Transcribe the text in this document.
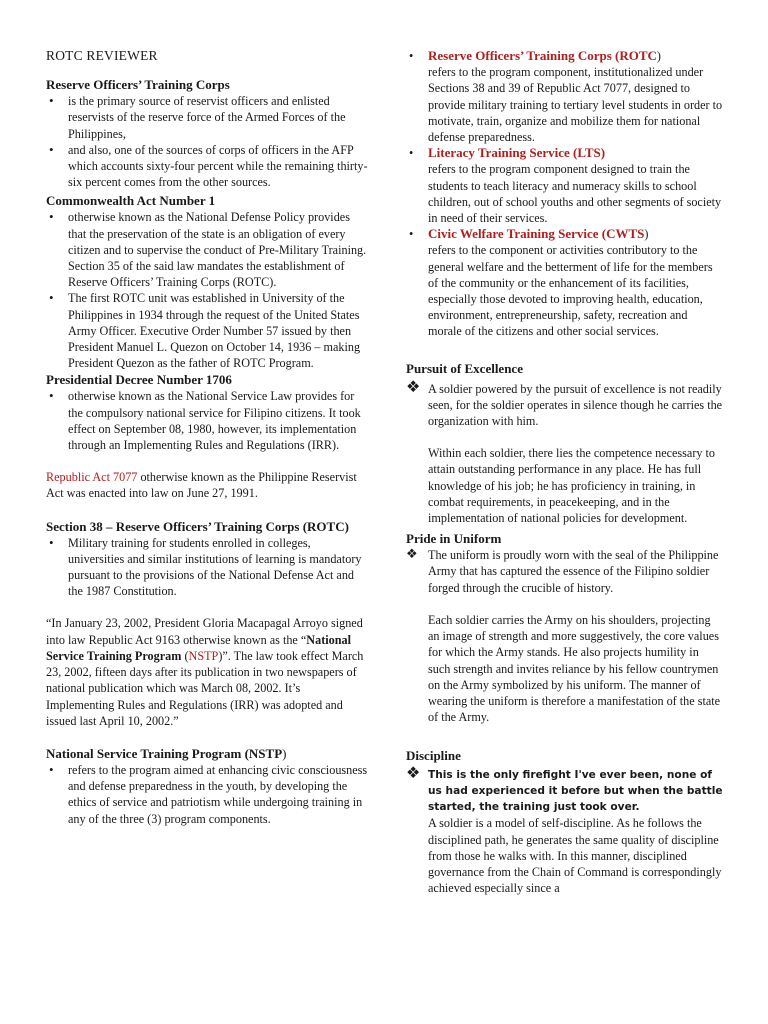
ROTC REVIEWER
Reserve Officers’ Training Corps
• is the primary source of reservist officers and enlisted reservists of the reserve force of the Armed Forces of the Philippines,
• and also, one of the sources of corps of officers in the AFP which accounts sixty-four percent while the remaining thirty-six percent comes from the other sources.
Commonwealth Act Number 1
• otherwise known as the National Defense Policy provides that the preservation of the state is an obligation of every citizen and to supervise the conduct of Pre-Military Training. Section 35 of the said law mandates the establishment of Reserve Officers’ Training Corps (ROTC).
• The first ROTC unit was established in University of the Philippines in 1934 through the request of the United States Army Officer. Executive Order Number 57 issued by then President Manuel L. Quezon on October 14, 1936 – making President Quezon as the father of ROTC Program.
Presidential Decree Number 1706
• otherwise known as the National Service Law provides for the compulsory national service for Filipino citizens. It took effect on September 08, 1980, however, its implementation through an Implementing Rules and Regulations (IRR).

Republic Act 7077 otherwise known as the Philippine Reservist Act was enacted into law on June 27, 1991.

Section 38 – Reserve Officers’ Training Corps (ROTC)
• Military training for students enrolled in colleges, universities and similar institutions of learning is mandatory pursuant to the provisions of the National Defense Act and the 1987 Constitution.

“In January 23, 2002, President Gloria Macapagal Arroyo signed into law Republic Act 9163 otherwise known as the “National Service Training Program (NSTP)”. The law took effect March 23, 2002, fifteen days after its publication in two newspapers of national publication which was March 08, 2002. It’s Implementing Rules and Regulations (IRR) was adopted and issued last April 10, 2002.”

National Service Training Program (NSTP)
• refers to the program aimed at enhancing civic consciousness and defense preparedness in the youth, by developing the ethics of service and patriotism while undergoing training in any of the three (3) program components.
• Reserve Officers’ Training Corps (ROTC)
refers to the program component, institutionalized under Sections 38 and 39 of Republic Act 7077, designed to provide military training to tertiary level students in order to motivate, train, organize and mobilize them for national defense preparedness.
• Literacy Training Service (LTS)
refers to the program component designed to train the students to teach literacy and numeracy skills to school children, out of school youths and other segments of society in need of their services.
• Civic Welfare Training Service (CWTS)
refers to the component or activities contributory to the general welfare and the betterment of life for the members of the community or the enhancement of its facilities, especially those devoted to improving health, education, environment, entrepreneurship, safety, recreation and morale of the citizens and other social services.
Pursuit of Excellence
❖ A soldier powered by the pursuit of excellence is not readily seen, for the soldier operates in silence though he carries the organization with him.

Within each soldier, there lies the competence necessary to attain outstanding performance in any place. He has full knowledge of his job; he has proficiency in training, in combat requirements, in peacekeeping, and in the implementation of national policies for development.

Pride in Uniform
❖ The uniform is proudly worn with the seal of the Philippine Army that has captured the essence of the Filipino soldier forged through the crucible of history.

Each soldier carries the Army on his shoulders, projecting an image of strength and more suggestively, the core values for which the Army stands. He also projects humility in such strength and invites reliance by his fellow countrymen on the Army symbolized by his uniform. The manner of wearing the uniform is therefore a manifestation of the state of the Army.

Discipline
❖ This is the only firefight I've ever been, none of us had experienced it before but when the battle started, the training just took over.

A soldier is a model of self-discipline. As he follows the disciplined path, he generates the same quality of discipline from those he walks with. In this manner, disciplined governance from the Chain of Command is correspondingly achieved especially since a
